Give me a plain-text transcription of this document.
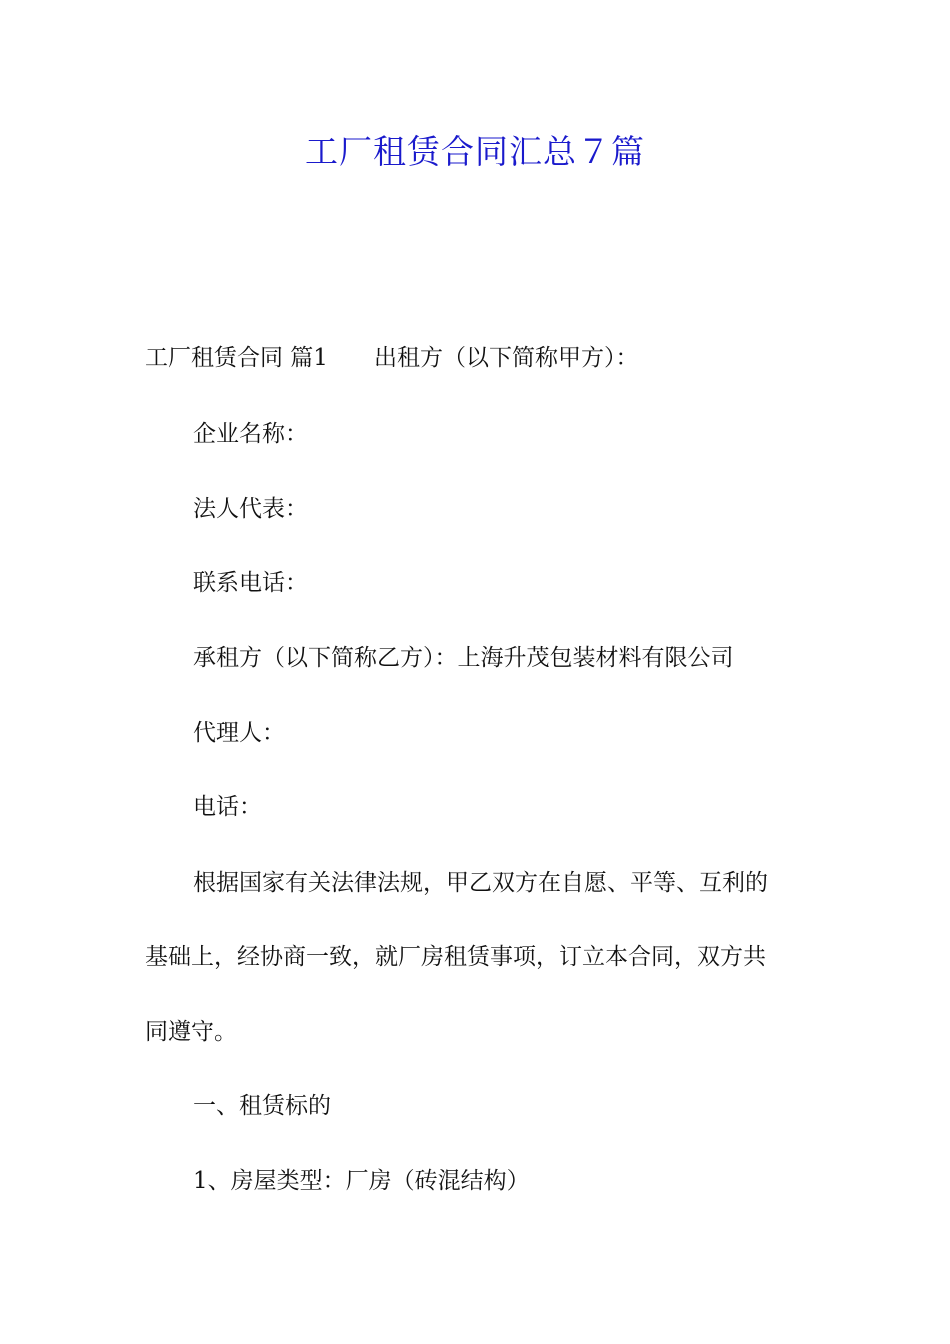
工厂租赁合同汇总７篇
工厂租赁合同 篇1 出租方（以下简称甲方）：
企业名称：
法人代表：
联系电话：
承租方（以下简称乙方）：上海升茂包装材料有限公司
代理人：
电话：
根据国家有关法律法规，甲乙双方在自愿、平等、互利的
基础上，经协商一致，就厂房租赁事项，订立本合同，双方共
同遵守。
一、租赁标的
1、房屋类型：厂房（砖混结构）
